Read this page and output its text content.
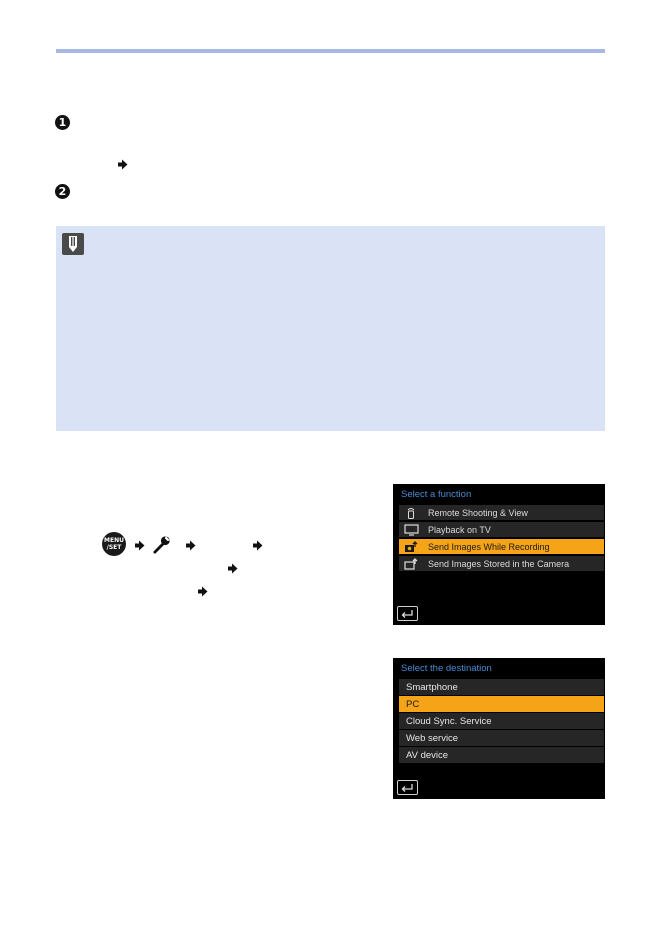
1
2
MENU
/SET
Select a function
Remote Shooting & View
Playback on TV
Send Images While Recording
Send Images Stored in the Camera
Select the destination
Smartphone
PC
Cloud Sync. Service
Web service
AV device
